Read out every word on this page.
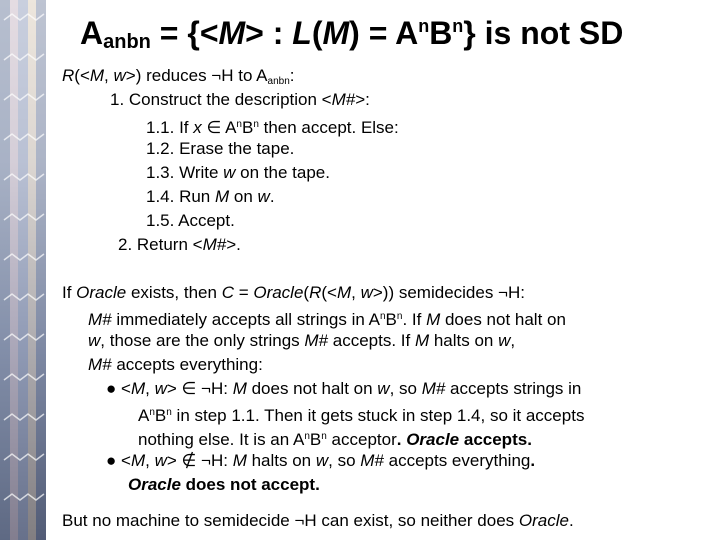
$A_{anbn} = \{<M>$ : $L(M) = A^nB^n$} is not SD
R(<M, w>) reduces ¬H to $A_{anbn}$:
1. Construct the description <M#>:
1.1. If x ∈ $A^nB^n$ then accept. Else:
1.2. Erase the tape.
1.3. Write w on the tape.
1.4. Run M on w.
1.5. Accept.
2. Return <M#>.
If Oracle exists, then C = Oracle(R(<M, w>)) semidecides ¬H:
M# immediately accepts all strings in $A^nB^n$. If M does not halt on
w, those are the only strings M# accepts. If M halts on w,
M# accepts everything:
● <M, w> ∈ ¬H: M does not halt on w, so M# accepts strings in
$A^nB^n$ in step 1.1. Then it gets stuck in step 1.4, so it accepts
nothing else. It is an $A^nB^n$ acceptor. Oracle accepts.
● <M, w> ∉ ¬H: M halts on w, so M# accepts everything.
Oracle does not accept.
But no machine to semidecide ¬H can exist, so neither does Oracle.
